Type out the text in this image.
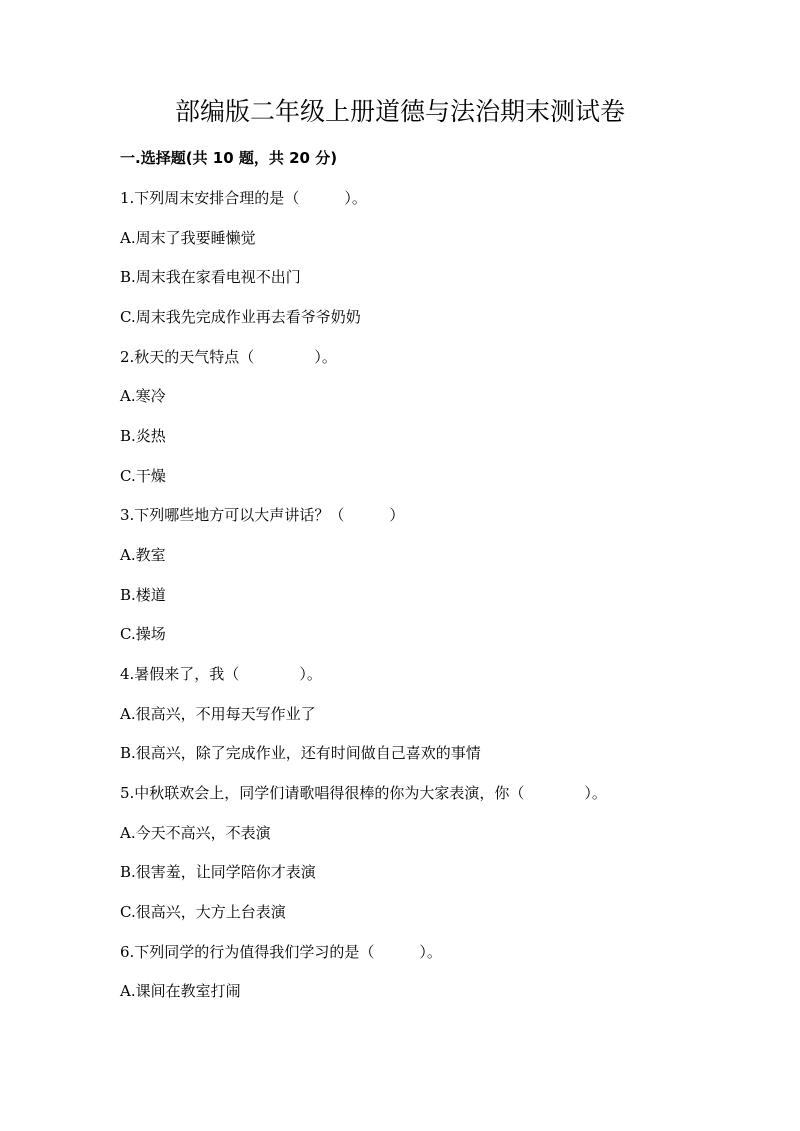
部编版二年级上册道德与法治期末测试卷
一.选择题(共 10 题，共 20 分)
1.下列周末安排合理的是（　　　）。
A.周末了我要睡懒觉
B.周末我在家看电视不出门
C.周末我先完成作业再去看爷爷奶奶
2.秋天的天气特点（　　　　）。
A.寒冷
B.炎热
C.干燥
3.下列哪些地方可以大声讲话？（　　　）
A.教室
B.楼道
C.操场
4.暑假来了，我（　　　　）。
A.很高兴，不用每天写作业了
B.很高兴，除了完成作业，还有时间做自己喜欢的事情
5.中秋联欢会上，同学们请歌唱得很棒的你为大家表演，你（　　　　）。
A.今天不高兴，不表演
B.很害羞，让同学陪你才表演
C.很高兴，大方上台表演
6.下列同学的行为值得我们学习的是（　　　）。
A.课间在教室打闹
